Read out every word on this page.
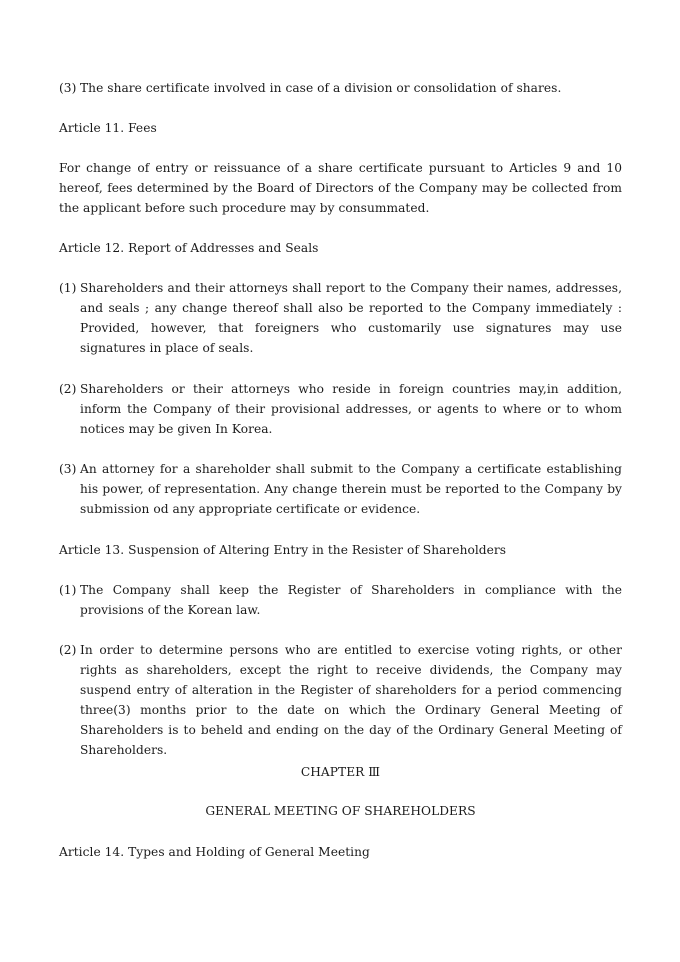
(3) The share certificate involved in case of a division or consolidation of shares.
Article 11. Fees
For change of entry or reissuance of a share certificate pursuant to Articles 9 and 10 hereof, fees determined by the Board of Directors of the Company may be collected from the applicant before such procedure may by consummated.
Article 12. Report of Addresses and Seals
(1) Shareholders and their attorneys shall report to the Company their names, addresses, and seals ; any change thereof shall also be reported to the Company immediately : Provided, however, that foreigners who customarily use signatures may use signatures in place of seals.
(2) Shareholders or their attorneys who reside in foreign countries may,in addition, inform the Company of their provisional addresses, or agents to where or to whom notices may be given In Korea.
(3) An attorney for a shareholder shall submit to the Company a certificate establishing his power, of representation. Any change therein must be reported to the Company by submission od any appropriate certificate or evidence.
Article 13. Suspension of Altering Entry in the Resister of Shareholders
(1) The Company shall keep the Register of Shareholders in compliance with the provisions of the Korean law.
(2) In order to determine persons who are entitled to exercise voting rights, or other rights as shareholders, except the right to receive dividends, the Company may suspend entry of alteration in the Register of shareholders for a period commencing three(3) months prior to the date on which the Ordinary General Meeting of Shareholders is to beheld and ending on the day of the Ordinary General Meeting of Shareholders.
CHAPTER Ⅲ
GENERAL MEETING OF SHAREHOLDERS
Article 14. Types and Holding of General Meeting
